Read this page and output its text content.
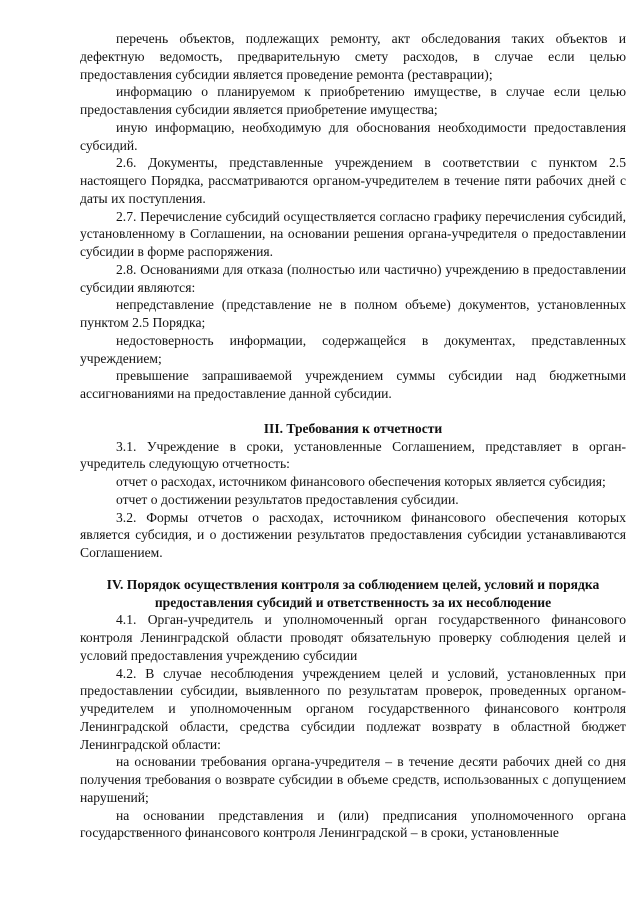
перечень объектов, подлежащих ремонту, акт обследования таких объектов и дефектную ведомость, предварительную смету расходов, в случае если целью предоставления субсидии является проведение ремонта (реставрации);

информацию о планируемом к приобретению имуществе, в случае если целью предоставления субсидии является приобретение имущества;

иную информацию, необходимую для обоснования необходимости предоставления субсидий.

2.6. Документы, представленные учреждением в соответствии с пунктом 2.5 настоящего Порядка, рассматриваются органом-учредителем в течение пяти рабочих дней с даты их поступления.

2.7. Перечисление субсидий осуществляется согласно графику перечисления субсидий, установленному в Соглашении, на основании решения органа-учредителя о предоставлении субсидии в форме распоряжения.

2.8. Основаниями для отказа (полностью или частично) учреждению в предоставлении субсидии являются:

непредставление (представление не в полном объеме) документов, установленных пунктом 2.5 Порядка;

недостоверность информации, содержащейся в документах, представленных учреждением;

превышение запрашиваемой учреждением суммы субсидии над бюджетными ассигнованиями на предоставление данной субсидии.

III. Требования к отчетности

3.1. Учреждение в сроки, установленные Соглашением, представляет в орган-учредитель следующую отчетность:

отчет о расходах, источником финансового обеспечения которых является субсидия;

отчет о достижении результатов предоставления субсидии.

3.2. Формы отчетов о расходах, источником финансового обеспечения которых является субсидия, и о достижении результатов предоставления субсидии устанавливаются Соглашением.

IV. Порядок осуществления контроля за соблюдением целей, условий и порядка предоставления субсидий и ответственность за их несоблюдение

4.1. Орган-учредитель и уполномоченный орган государственного финансового контроля Ленинградской области проводят обязательную проверку соблюдения целей и условий предоставления учреждению субсидии

4.2. В случае несоблюдения учреждением целей и условий, установленных при предоставлении субсидии, выявленного по результатам проверок, проведенных органом-учредителем и уполномоченным органом государственного финансового контроля Ленинградской области, средства субсидии подлежат возврату в областной бюджет Ленинградской области:

на основании требования органа-учредителя – в течение десяти рабочих дней со дня получения требования о возврате субсидии в объеме средств, использованных с допущением нарушений;

на основании представления и (или) предписания уполномоченного органа государственного финансового контроля Ленинградской – в сроки, установленные
